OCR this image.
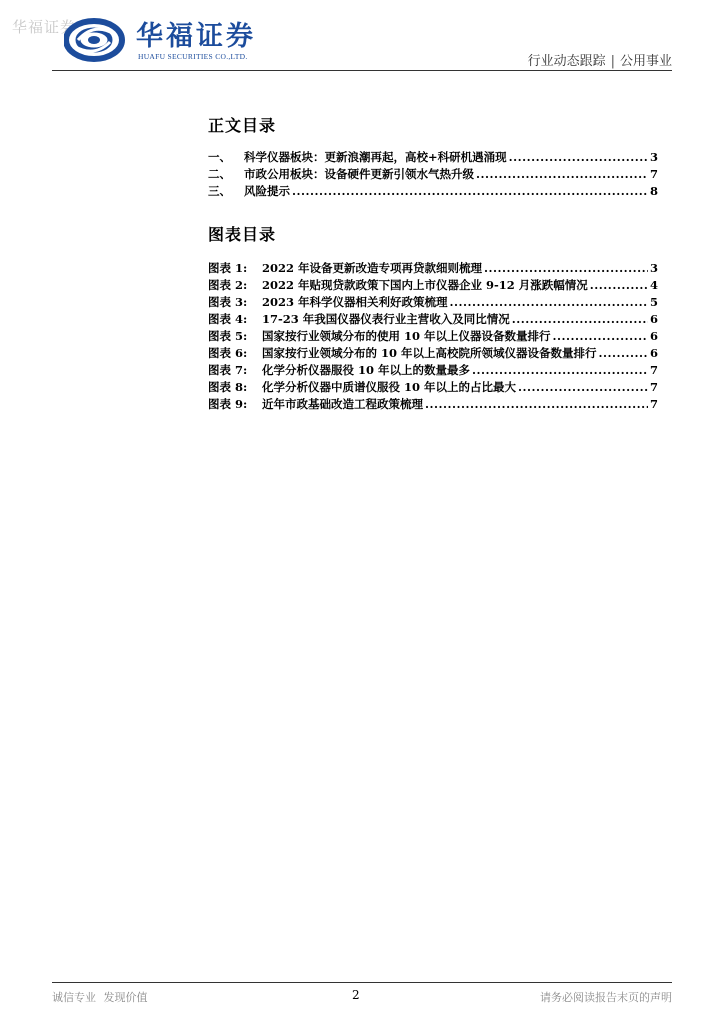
华福证券 华福证券
HUAFU SECURITIES CO.,LTD.	行业动态跟踪 | 公用事业
正文目录
一、	科学仪器板块：更新浪潮再起，高校+科研机遇涌现 .....	3
二、	市政公用板块：设备硬件更新引领水气热升级 .....	7
三、	风险提示 .....	8
图表目录
图表 1:	2022 年设备更新改造专项再贷款细则梳理 .....	3
图表 2:	2022 年贴现贷款政策下国内上市仪器企业 9-12 月涨跌幅情况 .....	4
图表 3:	2023 年科学仪器相关利好政策梳理 .....	5
图表 4:	17-23 年我国仪器仪表行业主营收入及同比情况 .....	6
图表 5:	国家按行业领域分布的使用 10 年以上仪器设备数量排行 .....	6
图表 6:	国家按行业领域分布的 10 年以上高校院所领域仪器设备数量排行 .....	6
图表 7:	化学分析仪器服役 10 年以上的数量最多 .....	7
图表 8:	化学分析仪器中质谱仪服役 10 年以上的占比最大 .....	7
图表 9:	近年市政基础改造工程政策梳理 .....	7
诚信专业 发现价值	2	请务必阅读报告末页的声明
